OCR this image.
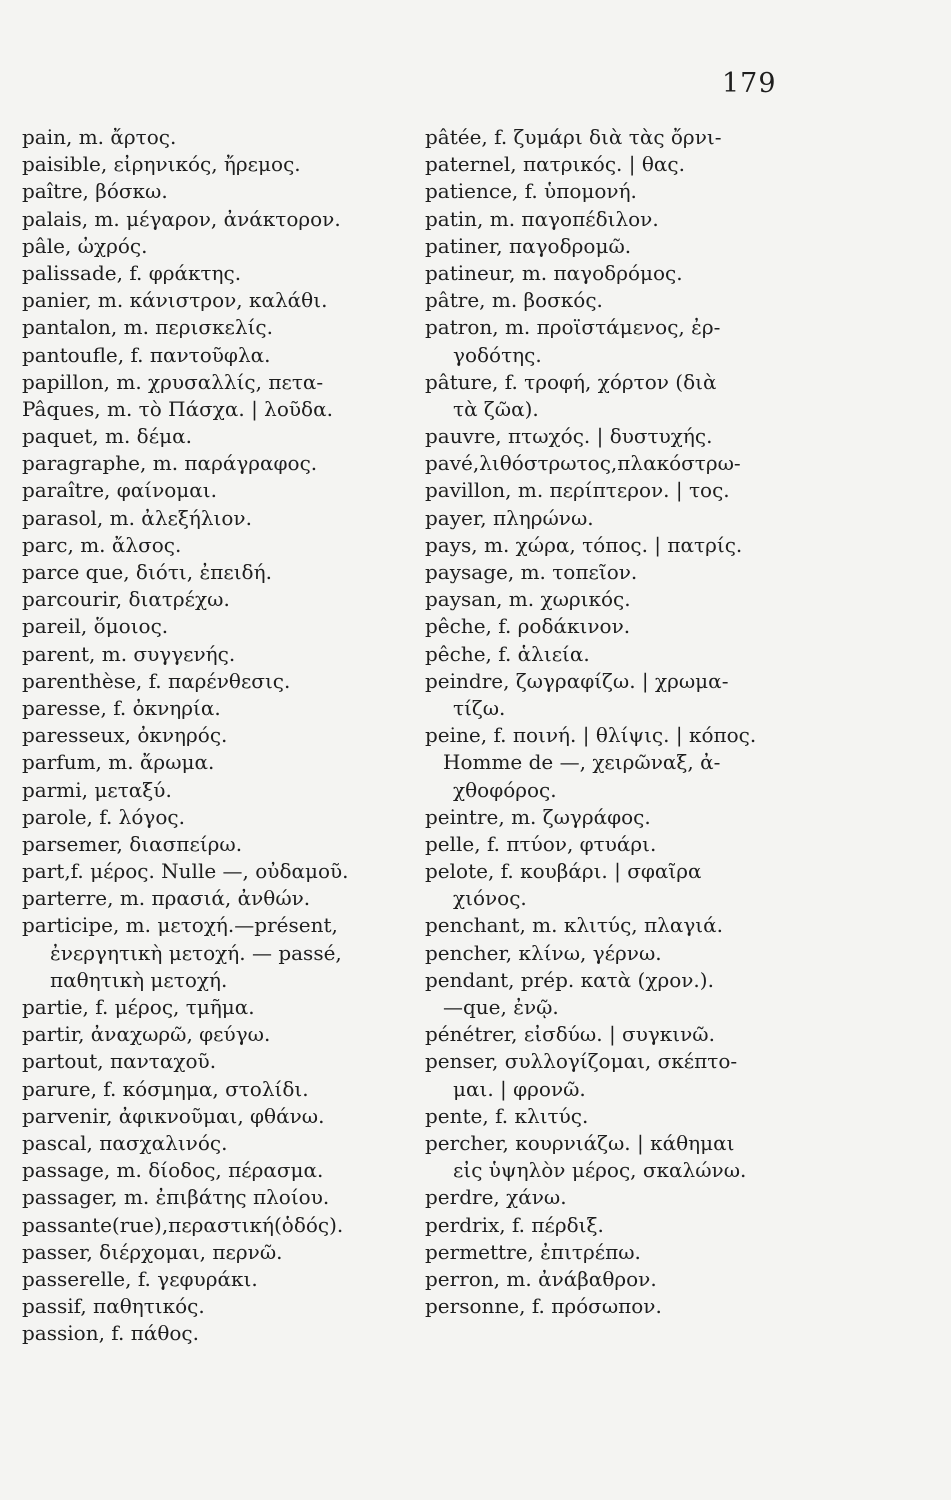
179
pain, m. ἄρτος.
paisible, εἰρηνικός, ἤρεμος.
paître, βόσκω.
palais, m. μέγαρον, ἀνάκτορον.
pâle, ὠχρός.
palissade, f. φράκτης.
panier, m. κάνιστρον, καλάθι.
pantalon, m. περισκελίς.
pantoufle, f. παντοῦφλα.
papillon, m. χρυσαλλίς, πετα-
Pâques, m. τὸ Πάσχα. | λοῦδα.
paquet, m. δέμα.
paragraphe, m. παράγραφος.
paraître, φαίνομαι.
parasol, m. ἀλεξήλιον.
parc, m. ἄλσος.
parce que, διότι, ἐπειδή.
parcourir, διατρέχω.
pareil, ὅμοιος.
parent, m. συγγενής.
parenthèse, f. παρένθεσις.
paresse, f. ὀκνηρία.
paresseux, ὀκνηρός.
parfum, m. ἄρωμα.
parmi, μεταξύ.
parole, f. λόγος.
parsemer, διασπείρω.
part,f. μέρος. Nulle —, οὐδαμοῦ.
parterre, m. πρασιά, ἀνθών.
participe, m. μετοχή.—présent,
ἐνεργητικὴ μετοχή. — passé,
παθητικὴ μετοχή.
partie, f. μέρος, τμῆμα.
partir, ἀναχωρῶ, φεύγω.
partout, πανταχοῦ.
parure, f. κόσμημα, στολίδι.
parvenir, ἀφικνοῦμαι, φθάνω.
pascal, πασχαλινός.
passage, m. δίοδος, πέρασμα.
passager, m. ἐπιβάτης πλοίου.
passante(rue),περαστική(ὁδός).
passer, διέρχομαι, περνῶ.
passerelle, f. γεφυράκι.
passif, παθητικός.
passion, f. πάθος.
pâtée, f. ζυμάρι διὰ τὰς ὄρνι-
paternel, πατρικός. | θας.
patience, f. ὑπομονή.
patin, m. παγοπέδιλον.
patiner, παγοδρομῶ.
patineur, m. παγοδρόμος.
pâtre, m. βοσκός.
patron, m. προϊστάμενος, ἐρ-
γοδότης.
pâture, f. τροφή, χόρτον (διὰ
τὰ ζῶα).
pauvre, πτωχός. | δυστυχής.
pavé,λιθόστρωτος,πλακόστρω-
pavillon, m. περίπτερον. | τος.
payer, πληρώνω.
pays, m. χώρα, τόπος. | πατρίς.
paysage, m. τοπεῖον.
paysan, m. χωρικός.
pêche, f. ροδάκινον.
pêche, f. ἁλιεία.
peindre, ζωγραφίζω. | χρωμα-
τίζω.
peine, f. ποινή. | θλίψις. | κόπος.
Homme de —, χειρῶναξ, ἀ-
χθοφόρος.
peintre, m. ζωγράφος.
pelle, f. πτύον, φτυάρι.
pelote, f. κουβάρι. | σφαῖρα
χιόνος.
penchant, m. κλιτύς, πλαγιά.
pencher, κλίνω, γέρνω.
pendant, prép. κατὰ (χρον.).
—que, ἐνῷ.
pénétrer, εἰσδύω. | συγκινῶ.
penser, συλλογίζομαι, σκέπτο-
μαι. | φρονῶ.
pente, f. κλιτύς.
percher, κουρνιάζω. | κάθημαι
εἰς ὑψηλὸν μέρος, σκαλώνω.
perdre, χάνω.
perdrix, f. πέρδιξ.
permettre, ἐπιτρέπω.
perron, m. ἀνάβαθρον.
personne, f. πρόσωπον.
